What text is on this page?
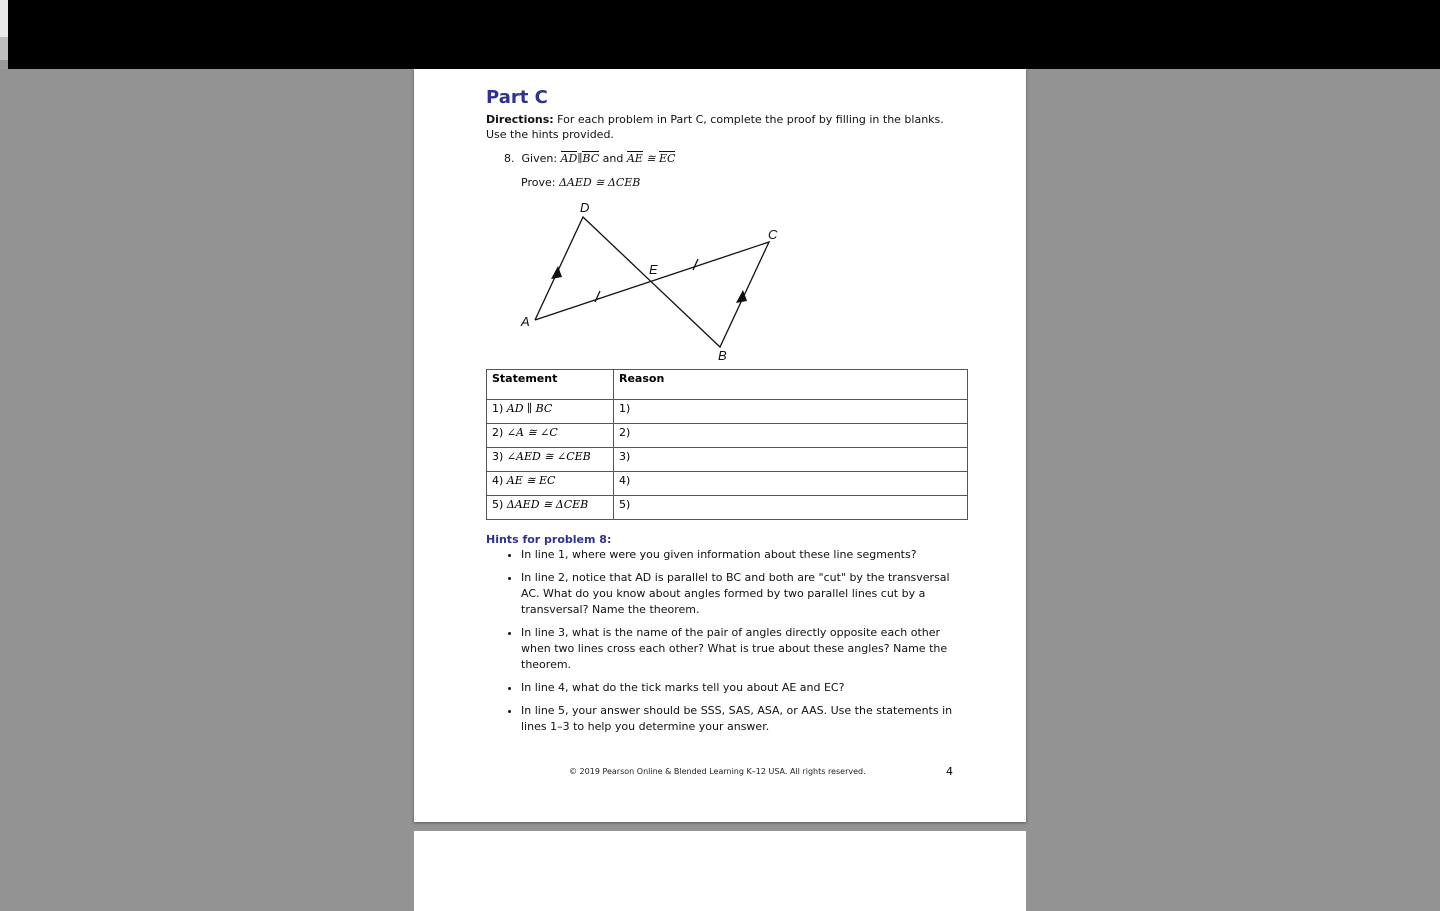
Part C
Directions: For each problem in Part C, complete the proof by filling in the blanks. Use the hints provided.
8. Given: AD∥BC and AE ≅ EC
Prove: ΔAED ≅ ΔCEB
D
C
E
A
B
Statement	Reason
1) AD ∥ BC	1)
2) ∠A ≅ ∠C	2)
3) ∠AED ≅ ∠CEB	3)
4) AE ≅ EC	4)
5) ΔAED ≅ ΔCEB	5)
Hints for problem 8:
• In line 1, where were you given information about these line segments?
• In line 2, notice that AD is parallel to BC and both are "cut" by the transversal AC. What do you know about angles formed by two parallel lines cut by a transversal? Name the theorem.
• In line 3, what is the name of the pair of angles directly opposite each other when two lines cross each other? What is true about these angles? Name the theorem.
• In line 4, what do the tick marks tell you about AE and EC?
• In line 5, your answer should be SSS, SAS, ASA, or AAS. Use the statements in lines 1–3 to help you determine your answer.
© 2019 Pearson Online & Blended Learning K–12 USA. All rights reserved.	4
